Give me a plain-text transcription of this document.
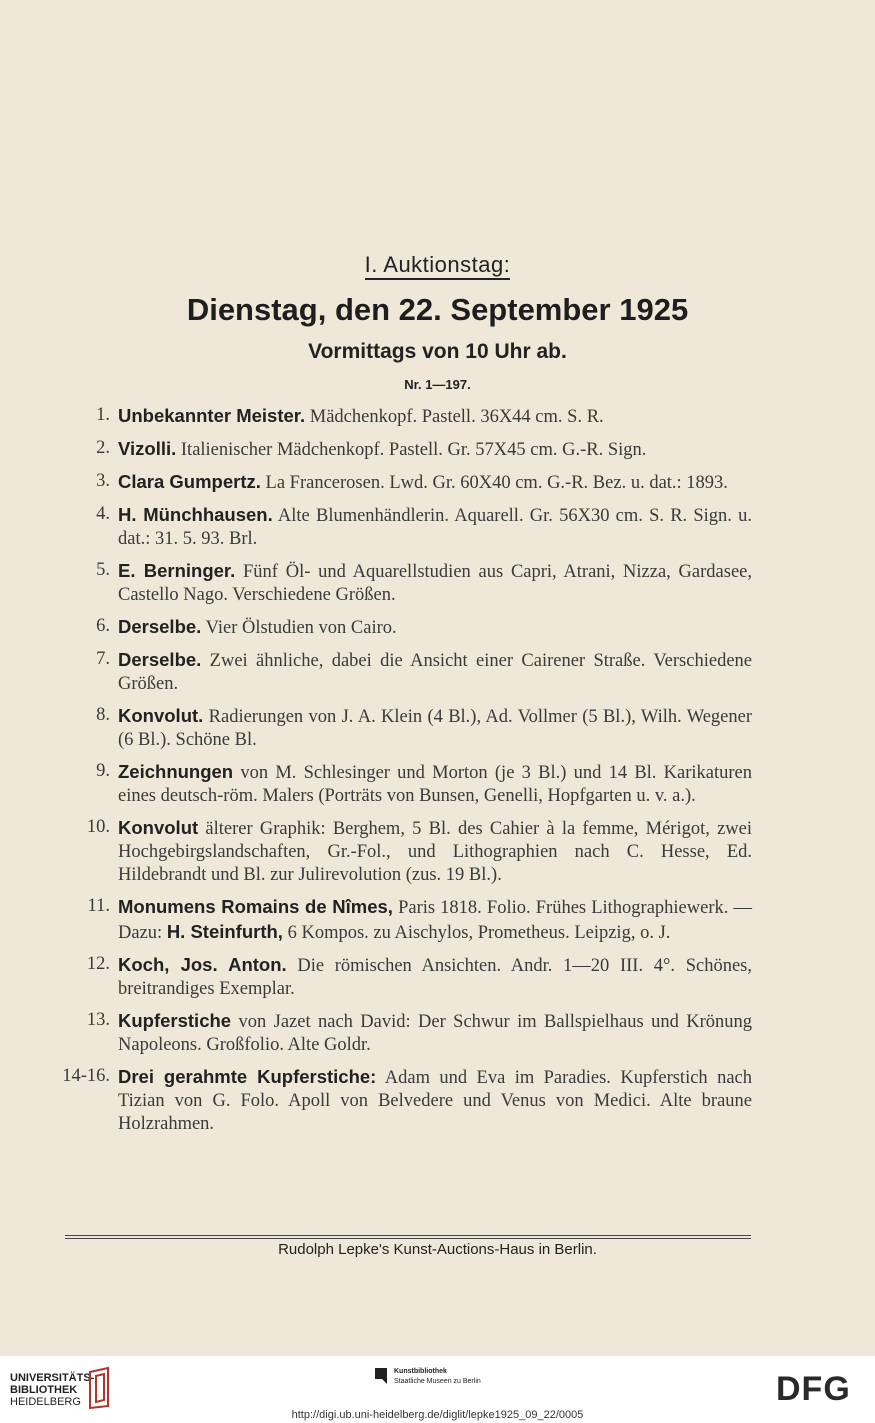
I. Auktionstag:
Dienstag, den 22. September 1925
Vormittags von 10 Uhr ab.
Nr. 1—197.
1. Unbekannter Meister. Mädchenkopf. Pastell. 36X44 cm. S. R.
2. Vizolli. Italienischer Mädchenkopf. Pastell. Gr. 57X45 cm. G.-R. Sign.
3. Clara Gumpertz. La Francerosen. Lwd. Gr. 60X40 cm. G.-R. Bez. u. dat.: 1893.
4. H. Münchhausen. Alte Blumenhändlerin. Aquarell. Gr. 56X30 cm. S. R. Sign. u. dat.: 31. 5. 93. Brl.
5. E. Berninger. Fünf Öl- und Aquarellstudien aus Capri, Atrani, Nizza, Gardasee, Castello Nago. Verschiedene Größen.
6. Derselbe. Vier Ölstudien von Cairo.
7. Derselbe. Zwei ähnliche, dabei die Ansicht einer Cairener Straße. Verschiedene Größen.
8. Konvolut. Radierungen von J. A. Klein (4 Bl.), Ad. Vollmer (5 Bl.), Wilh. Wegener (6 Bl.). Schöne Bl.
9. Zeichnungen von M. Schlesinger und Morton (je 3 Bl.) und 14 Bl. Karikaturen eines deutsch-röm. Malers (Porträts von Bunsen, Genelli, Hopfgarten u. v. a.).
10. Konvolut älterer Graphik: Berghem, 5 Bl. des Cahier à la femme, Mérigot, zwei Hochgebirgslandschaften, Gr.-Fol., und Lithographien nach C. Hesse, Ed. Hildebrandt und Bl. zur Julirevolution (zus. 19 Bl.).
11. Monumens Romains de Nîmes, Paris 1818. Folio. Frühes Lithographiewerk. — Dazu: H. Steinfurth, 6 Kompos. zu Aischylos, Prometheus. Leipzig, o. J.
12. Koch, Jos. Anton. Die römischen Ansichten. Andr. 1—20 III. 4°. Schönes, breitrandiges Exemplar.
13. Kupferstiche von Jazet nach David: Der Schwur im Ballspielhaus und Krönung Napoleons. Großfolio. Alte Goldr.
14-16. Drei gerahmte Kupferstiche: Adam und Eva im Paradies. Kupferstich nach Tizian von G. Folo. Apoll von Belvedere und Venus von Medici. Alte braune Holzrahmen.
Rudolph Lepke's Kunst-Auctions-Haus in Berlin.
UNIVERSITÄTS-
BIBLIOTHEK
HEIDELBERG
Kunstbibliothek
Staatliche Museen zu Berlin	DFG
http://digi.ub.uni-heidelberg.de/diglit/lepke1925_09_22/0005
